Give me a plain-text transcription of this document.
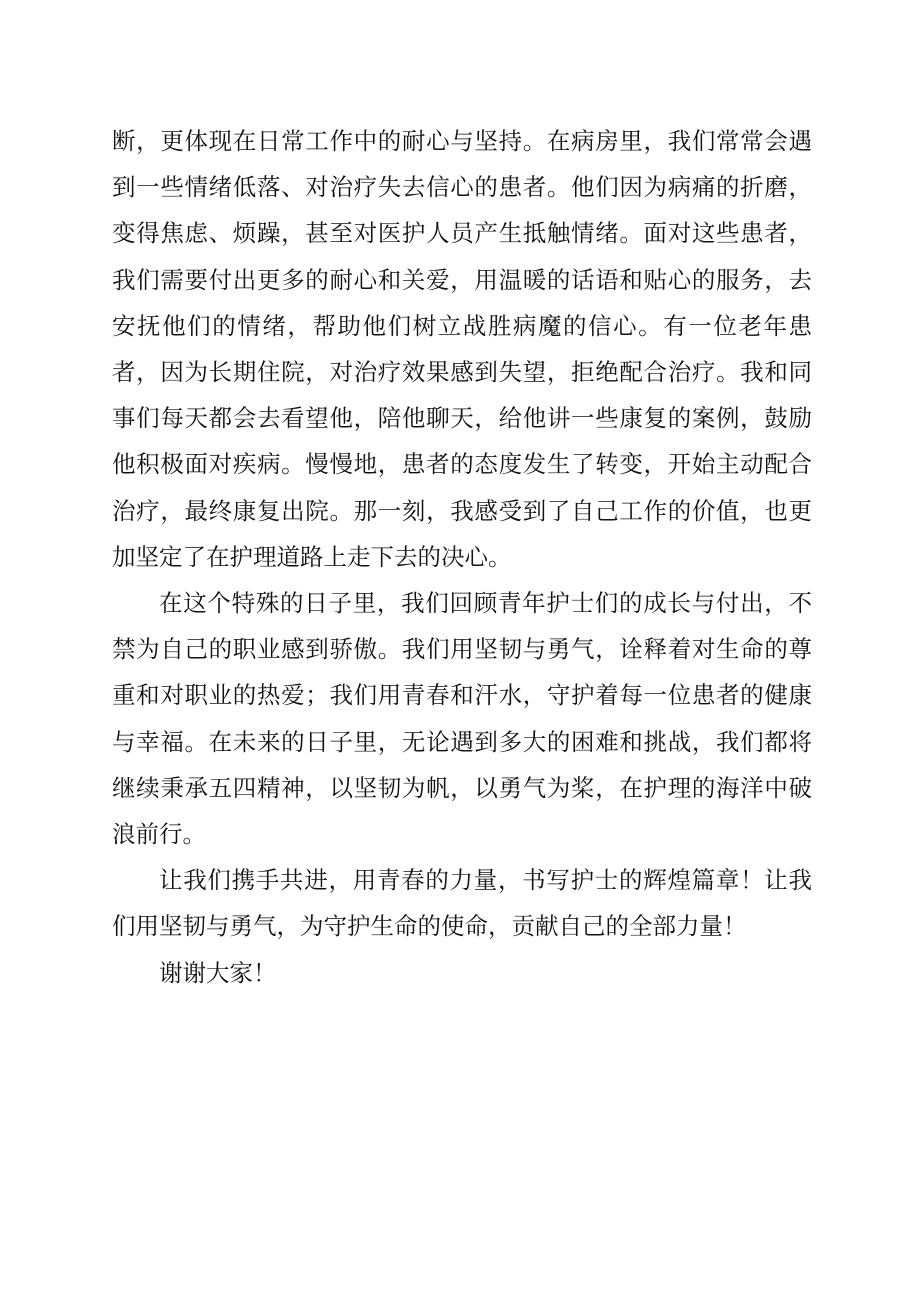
断，更体现在日常工作中的耐心与坚持。在病房里，我们常常会遇到一些情绪低落、对治疗失去信心的患者。他们因为病痛的折磨，变得焦虑、烦躁，甚至对医护人员产生抵触情绪。面对这些患者，我们需要付出更多的耐心和关爱，用温暖的话语和贴心的服务，去安抚他们的情绪，帮助他们树立战胜病魔的信心。有一位老年患者，因为长期住院，对治疗效果感到失望，拒绝配合治疗。我和同事们每天都会去看望他，陪他聊天，给他讲一些康复的案例，鼓励他积极面对疾病。慢慢地，患者的态度发生了转变，开始主动配合治疗，最终康复出院。那一刻，我感受到了自己工作的价值，也更加坚定了在护理道路上走下去的决心。

在这个特殊的日子里，我们回顾青年护士们的成长与付出，不禁为自己的职业感到骄傲。我们用坚韧与勇气，诠释着对生命的尊重和对职业的热爱；我们用青春和汗水，守护着每一位患者的健康与幸福。在未来的日子里，无论遇到多大的困难和挑战，我们都将继续秉承五四精神，以坚韧为帆，以勇气为桨，在护理的海洋中破浪前行。

让我们携手共进，用青春的力量，书写护士的辉煌篇章！让我们用坚韧与勇气，为守护生命的使命，贡献自己的全部力量！

谢谢大家！
